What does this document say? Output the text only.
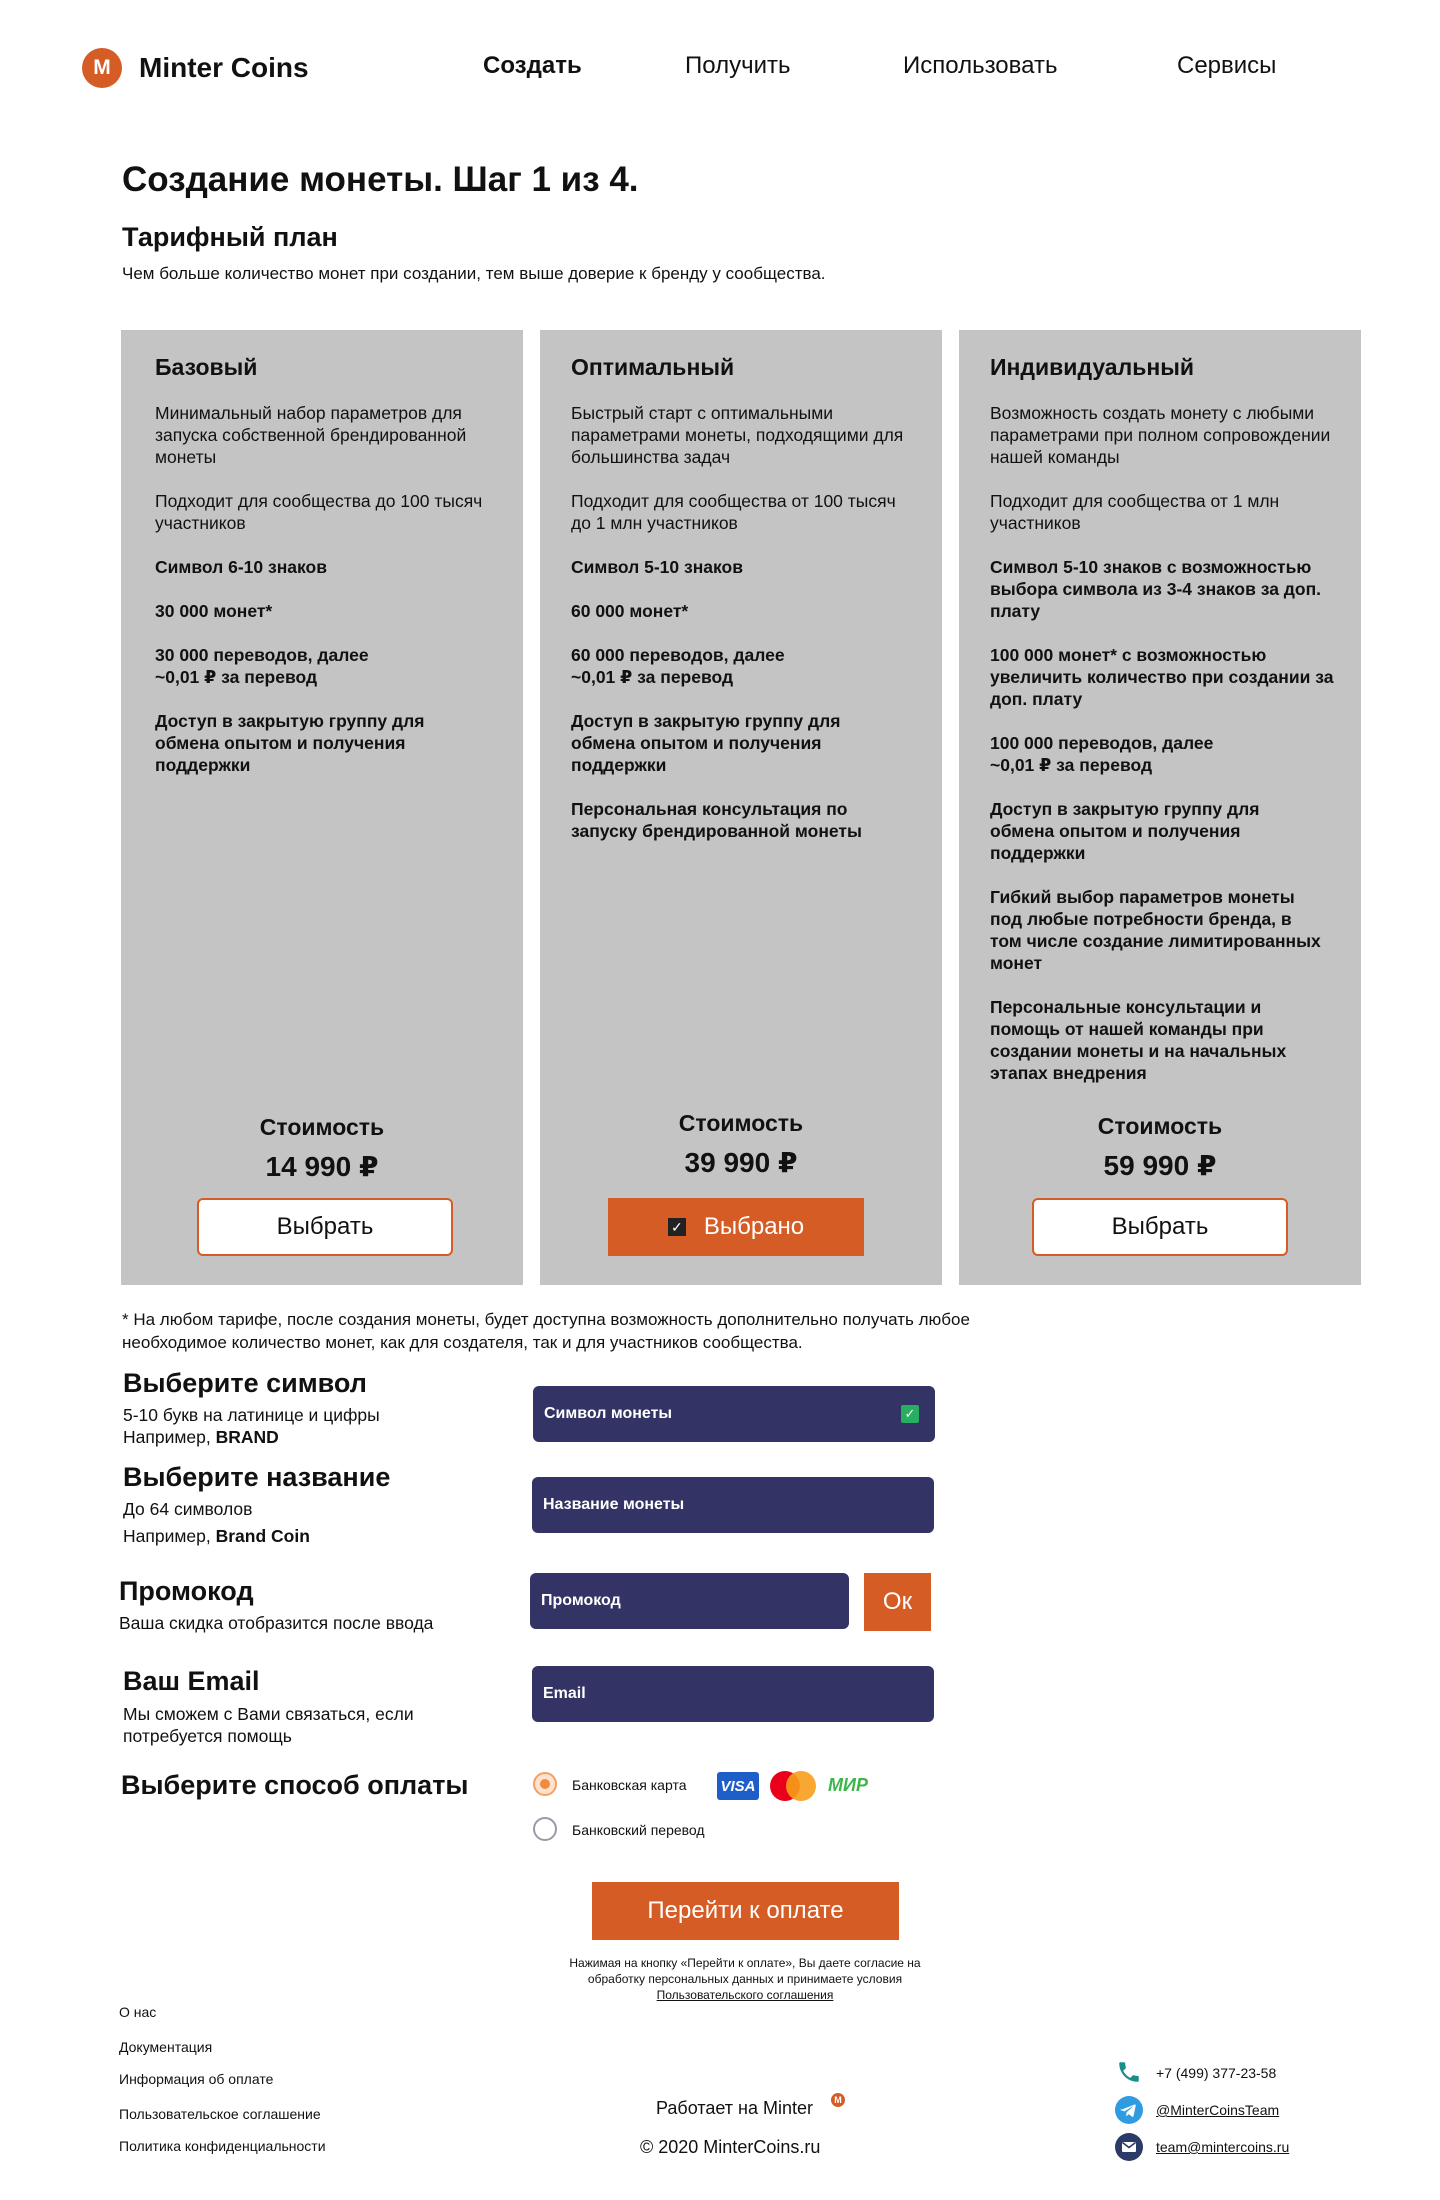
M	Minter Coins	Создать	Получить	Использовать	Сервисы
Создание монеты. Шаг 1 из 4.
Тарифный план
Чем больше количество монет при создании, тем выше доверие к бренду у сообщества.
Базовый

Минимальный набор параметров для запуска собственной брендированной монеты

Подходит для сообщества до 100 тысяч участников

Символ 6-10 знаков

30 000 монет*

30 000 переводов, далее ~0,01 ₽ за перевод

Доступ в закрытую группу для обмена опытом и получения поддержки

Стоимость
14 990 ₽
Выбрать
Оптимальный

Быстрый старт с оптимальными параметрами монеты, подходящими для большинства задач

Подходит для сообщества от 100 тысяч до 1 млн участников

Символ 5-10 знаков

60 000 монет*

60 000 переводов, далее ~0,01 ₽ за перевод

Доступ в закрытую группу для обмена опытом и получения поддержки

Персональная консультация по запуску брендированной монеты

Стоимость
39 990 ₽
✓ Выбрано
Индивидуальный

Возможность создать монету с любыми параметрами при полном сопровождении нашей команды

Подходит для сообщества от 1 млн участников

Символ 5-10 знаков с возможностью выбора символа из 3-4 знаков за доп. плату

100 000 монет* с возможностью увеличить количество при создании за доп. плату

100 000 переводов, далее ~0,01 ₽ за перевод

Доступ в закрытую группу для обмена опытом и получения поддержки

Гибкий выбор параметров монеты под любые потребности бренда, в том числе создание лимитированных монет

Персональные консультации и помощь от нашей команды при создании монеты и на начальных этапах внедрения

Стоимость
59 990 ₽
Выбрать
* На любом тарифе, после создания монеты, будет доступна возможность дополнительно получать любое необходимое количество монет, как для создателя, так и для участников сообщества.
Выберите символ
5-10 букв на латинице и цифры
Например, BRAND
Символ монеты	✓
Выберите название
До 64 символов
Например, Brand Coin
Название монеты
Промокод
Ваша скидка отобразится после ввода
Промокод	Ок
Ваш Email
Мы сможем с Вами связаться, если потребуется помощь
Email
Выберите способ оплаты	Банковская карта VISA	МИР
Банковский перевод
Перейти к оплате
Нажимая на кнопку «Перейти к оплате», Вы даете согласие на обработку персональных данных и принимаете условия Пользовательского соглашения
О нас
Документация
Информация об оплате
Пользовательское соглашение
Политика конфиденциальности
Работает на Minter	M
© 2020 MinterCoins.ru
+7 (499) 377-23-58
@MinterCoinsTeam
team@mintercoins.ru
